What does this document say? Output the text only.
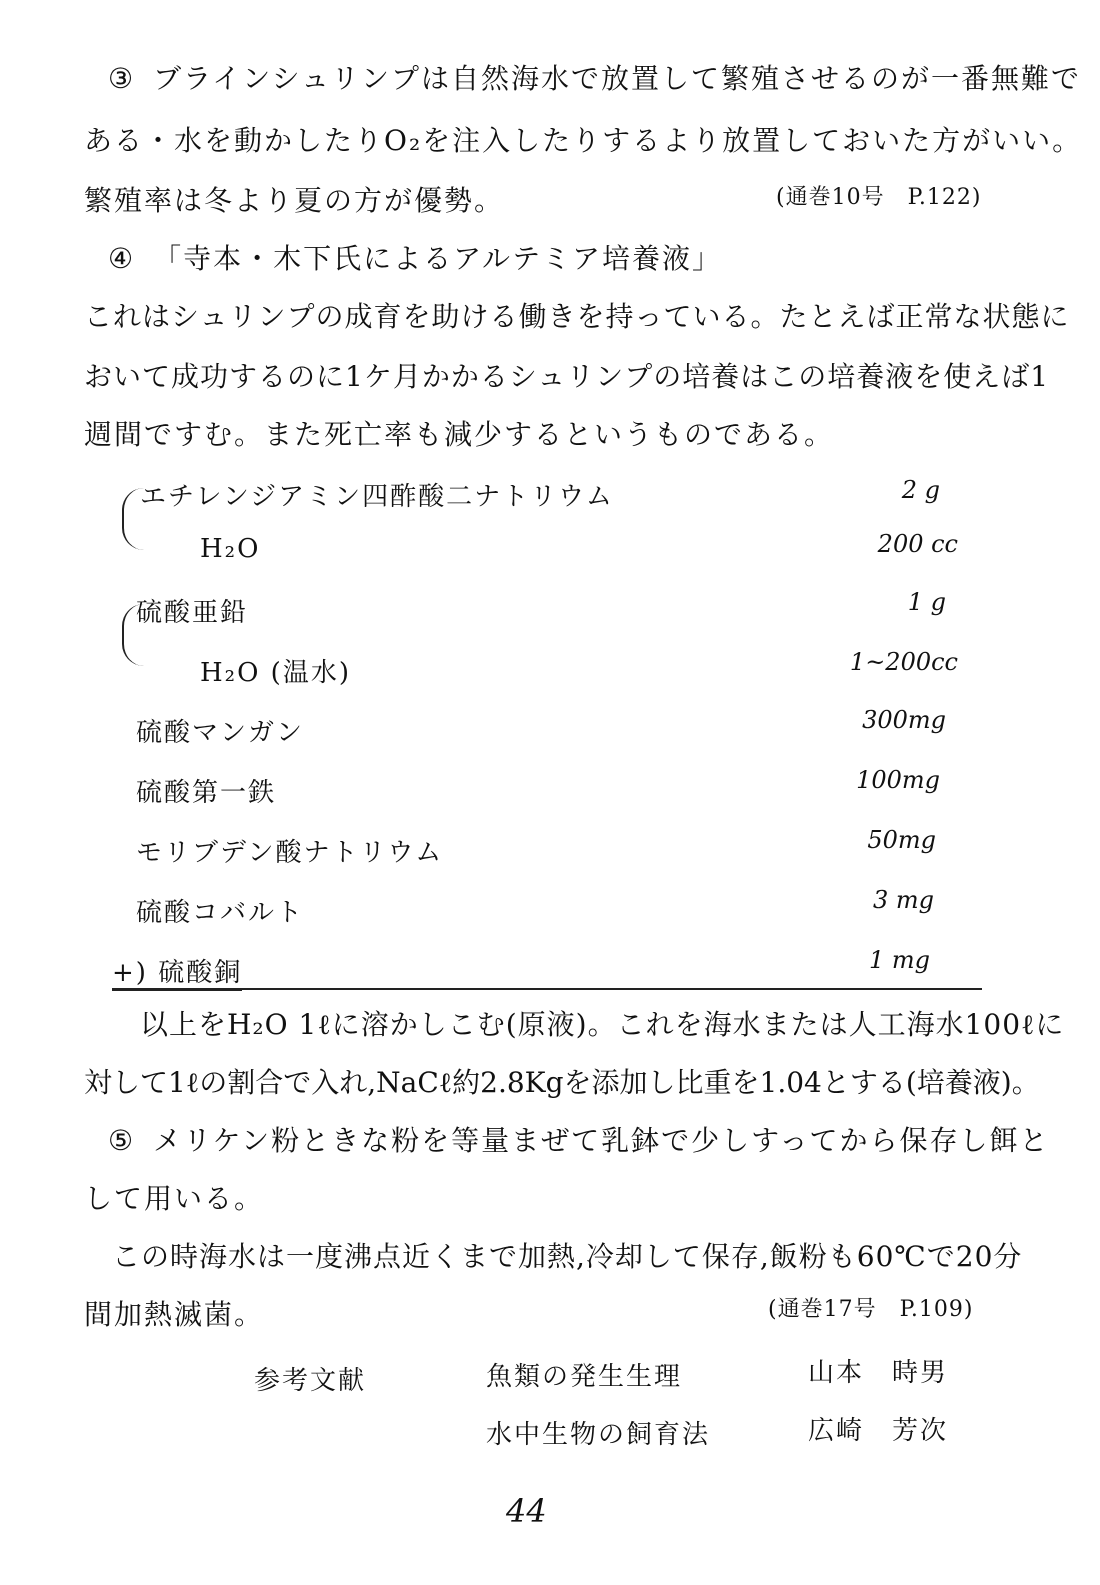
③ ブラインシュリンプは自然海水で放置して繁殖させるのが一番無難で
ある・水を動かしたりO₂を注入したりするより放置しておいた方がいい。
繁殖率は冬より夏の方が優勢。	(通巻10号　P.122)
④ 「寺本・木下氏によるアルテミア培養液」
これはシュリンプの成育を助ける働きを持っている。たとえば正常な状態に
おいて成功するのに1ケ月かかるシュリンプの培養はこの培養液を使えば1
週間ですむ。また死亡率も減少するというものである。
エチレンジアミン四酢酸二ナトリウム	2 g
H₂O	200 cc
硫酸亜鉛	1 g
H₂O (温水)	1~200cc
硫酸マンガン	300mg
硫酸第一鉄	100mg
モリブデン酸ナトリウム	50mg
硫酸コバルト	3 mg
+) 硫酸銅	1 mg
以上をH₂O 1ℓに溶かしこむ(原液)。これを海水または人工海水100ℓに
対して1ℓの割合で入れ,NaCℓ約2.8Kgを添加し比重を1.04とする(培養液)。
⑤ メリケン粉ときな粉を等量まぜて乳鉢で少しすってから保存し餌と
して用いる。
この時海水は一度沸点近くまで加熱,冷却して保存,飯粉も60℃で20分
間加熱滅菌。	(通巻17号　P.109)
参考文献	魚類の発生生理	山本　時男
水中生物の飼育法	広崎　芳次
44
